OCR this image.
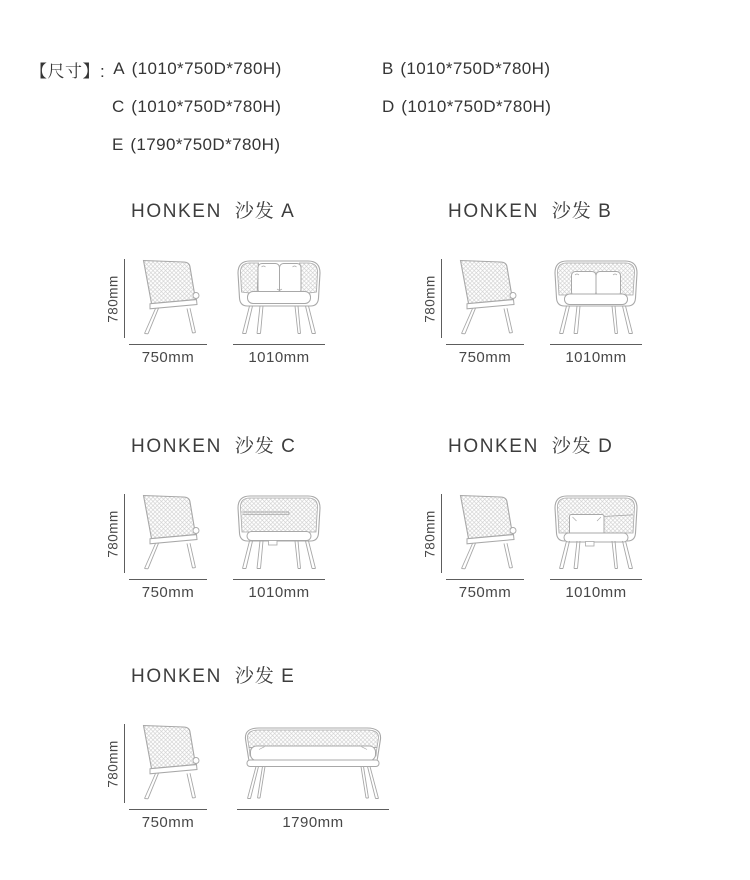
【尺寸】: A (1010*750D*780H)	B (1010*750D*780H)
C (1010*750D*780H)	D (1010*750D*780H)
E (1790*750D*780H)
HONKEN 沙发 A
780mm
750mm	1010mm
HONKEN 沙发 B
780mm
750mm	1010mm
HONKEN 沙发 C
780mm
750mm	1010mm
HONKEN 沙发 D
780mm
750mm	1010mm
HONKEN 沙发 E
780mm
750mm	1790mm
